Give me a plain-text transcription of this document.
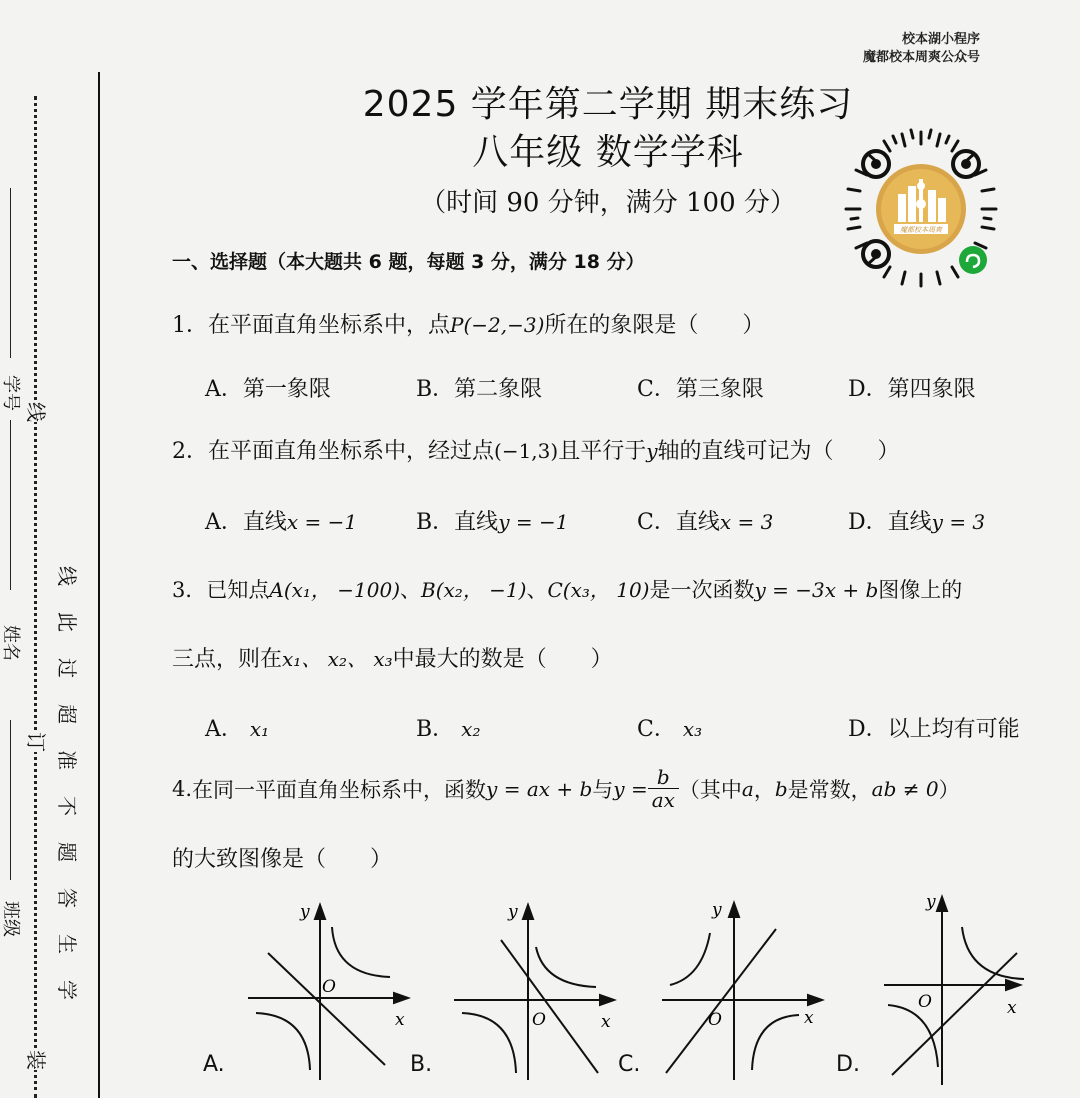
校本湖小程序
魔都校本周爽公众号
学号
姓名
班级
装
订
线
线
此
过
超
准
不
题
答
生
学
2025 学年第二学期 期末练习
八年级 数学学科
（时间 90 分钟，满分 100 分）
魔都校本周爽
一、选择题（本大题共 6 题，每题 3 分，满分 18 分）
1．在平面直角坐标系中，点P(−2,−3)所在的象限是（　　）
A．第一象限	B．第二象限	C．第三象限	D．第四象限
2．在平面直角坐标系中，经过点(−1,3)且平行于y轴的直线可记为（　　）
A．直线x = −1	B．直线y = −1	C．直线x = 3	D．直线y = 3
3．已知点A(x₁， −100)、B(x₂， −1)、C(x₃， 10)是一次函数y = −3x + b图像上的
三点，则在x₁、 x₂、 x₃中最大的数是（　　）
A． x₁	B． x₂	C． x₃	D．以上均有可能
4. 在同一平面直角坐标系中，函数 y = ax + b 与 $y = \frac{b}{ax}$ （其中 a ， b 是常数， ab ≠ 0 ）
的大致图像是（　　）
A.
y
x
O
B.
y
x
O
C.
y
x
O
D.
y
x
O
